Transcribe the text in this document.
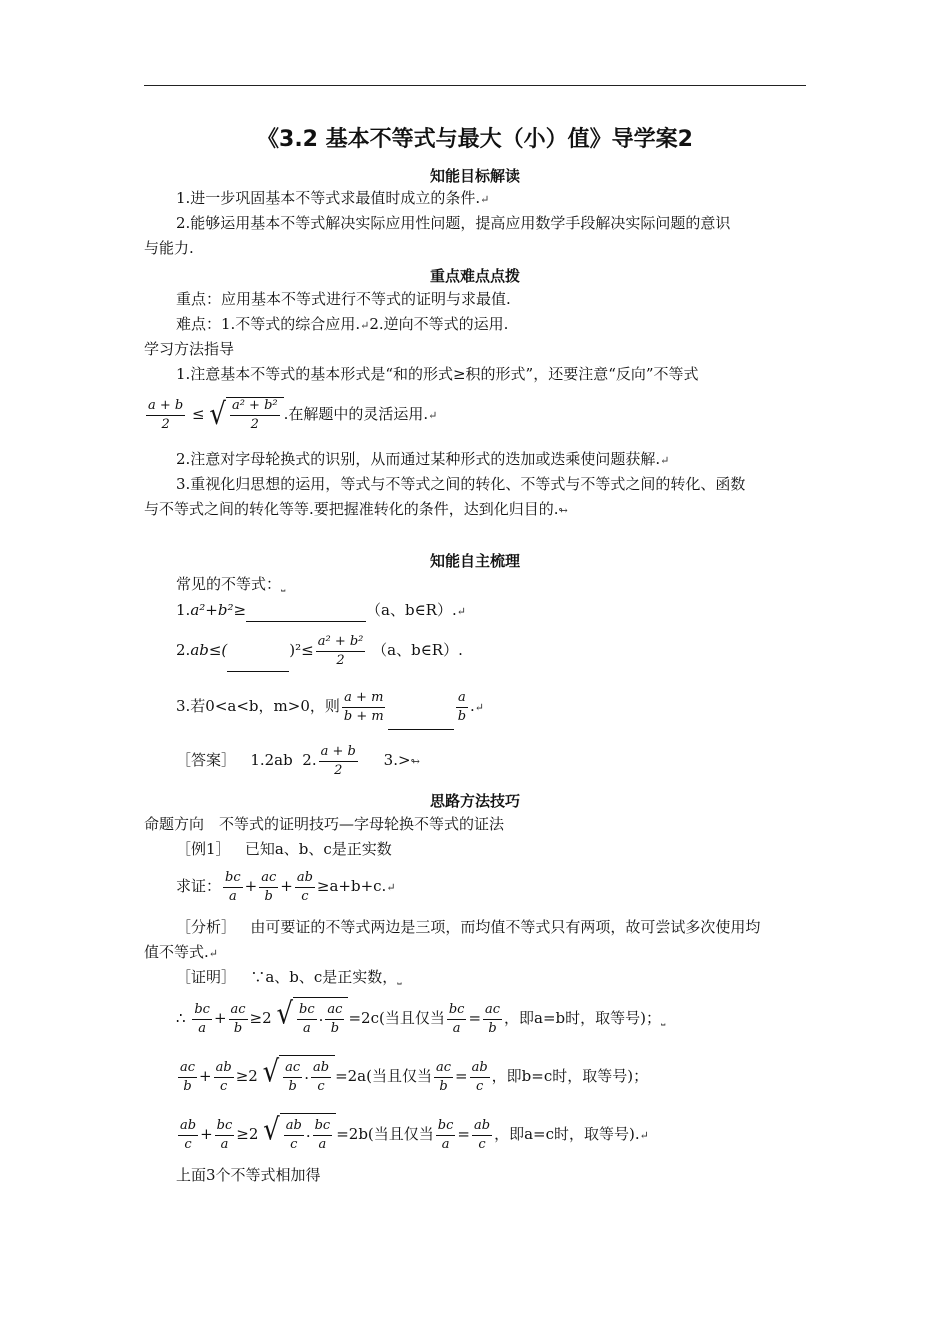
《3.2 基本不等式与最大（小）值》导学案2
知能目标解读
1.进一步巩固基本不等式求最值时成立的条件.↵
2.能够运用基本不等式解决实际应用性问题，提高应用数学手段解决实际问题的意识
与能力.
重点难点点拨
重点：应用基本不等式进行不等式的证明与求最值.
难点：1.不等式的综合应用.↵2.逆向不等式的运用.
学习方法指导
1.注意基本不等式的基本形式是“和的形式≥积的形式”，还要注意“反向”不等式
$\frac{a + b}{2}$ ≤ √ $\frac{\text{a² + b²}}{2}$ .在解题中的灵活运用.↵
2.注意对字母轮换式的识别，从而通过某种形式的迭加或迭乘使问题获解.↵
3.重视化归思想的运用，等式与不等式之间的转化、不等式与不等式之间的转化、函数
与不等式之间的转化等等.要把握准转化的条件，达到化归目的.↬
知能自主梳理
常见的不等式：⎵
1.a²+b²≥	（a、b∈R）.↵
2.ab≤(	)$^2\le \frac{\text{a² + b²}}{2} (a$、b∈R）.
3.若0<a<b，m>0，则 $\frac{a + m}{b + m}$	$\frac{a}{b}$ .↵
［答案］ 1.2ab 2. $\frac{a + b}{2}$ 3.>↬
思路方法技巧
命题方向　不等式的证明技巧—字母轮换不等式的证法
［例1］ 已知a、b、c是正实数
求证： $\frac{bc}{a} + \frac{ac}{b} + \frac{ab}{c}$ ≥a+b+c.↵
［分析］ 由可要证的不等式两边是三项，而均值不等式只有两项，故可尝试多次使用均
值不等式.↵
［证明］ ∵a、b、c是正实数，⎵
∴ $\frac{bc}{a} + \frac{ac}{b} \ge 2$ √ $\frac{bc}{a} \cdot \frac{ac}{b} =2c$(当且仅当 $\frac{bc}{a} = \frac{ac}{b}$ ，即a=b时，取等号)；⎵
$\frac{ac}{b} + \frac{ab}{c} \ge 2$ √ $\frac{ac}{b} \cdot \frac{ab}{c} =2a$(当且仅当 $\frac{ac}{b} = \frac{ab}{c}$ ，即b=c时，取等号)；
$\frac{ab}{c} + \frac{bc}{a} \ge 2$ √ $\frac{ab}{c} \cdot \frac{bc}{a} =2b$(当且仅当 $\frac{bc}{a} = \frac{ab}{c}$ ，即a=c时，取等号).↵
上面3个不等式相加得
